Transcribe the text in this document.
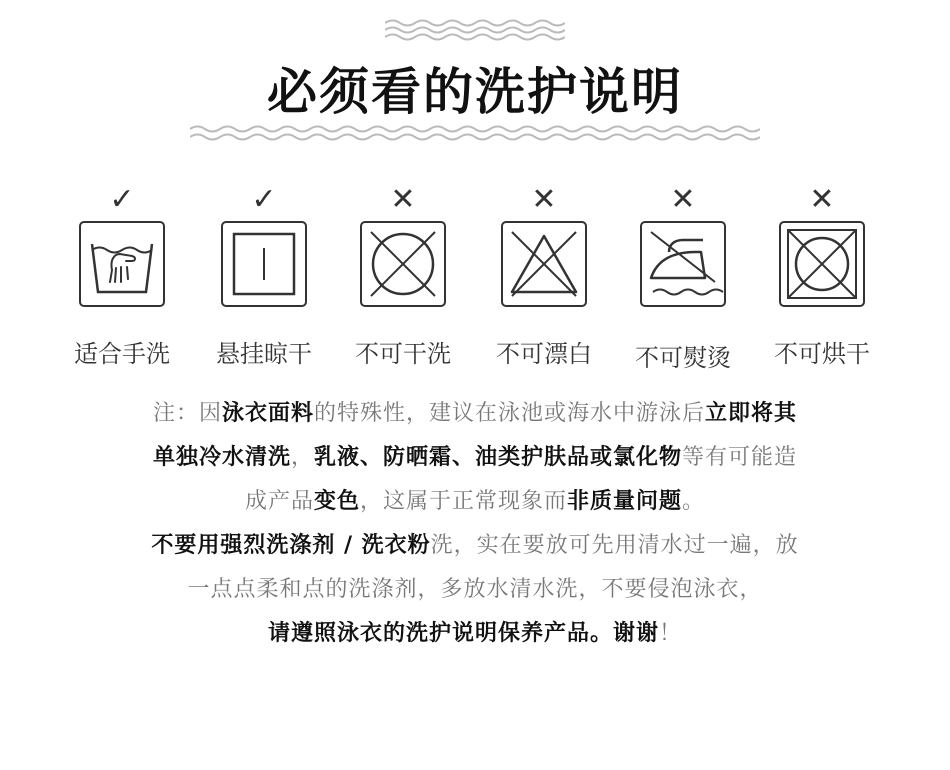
必须看的洗护说明
✓
适合手洗
✓
悬挂晾干
✕
不可干洗
✕
不可漂白
✕
不可熨烫
✕
不可烘干
注：因泳衣面料的特殊性，建议在泳池或海水中游泳后立即将其
单独冷水清洗，乳液、防晒霜、油类护肤品或氯化物等有可能造
成产品变色，这属于正常现象而非质量问题。
不要用强烈洗涤剂 / 洗衣粉洗，实在要放可先用清水过一遍，放
一点点柔和点的洗涤剂，多放水清水洗，不要侵泡泳衣，
请遵照泳衣的洗护说明保养产品。谢谢！
